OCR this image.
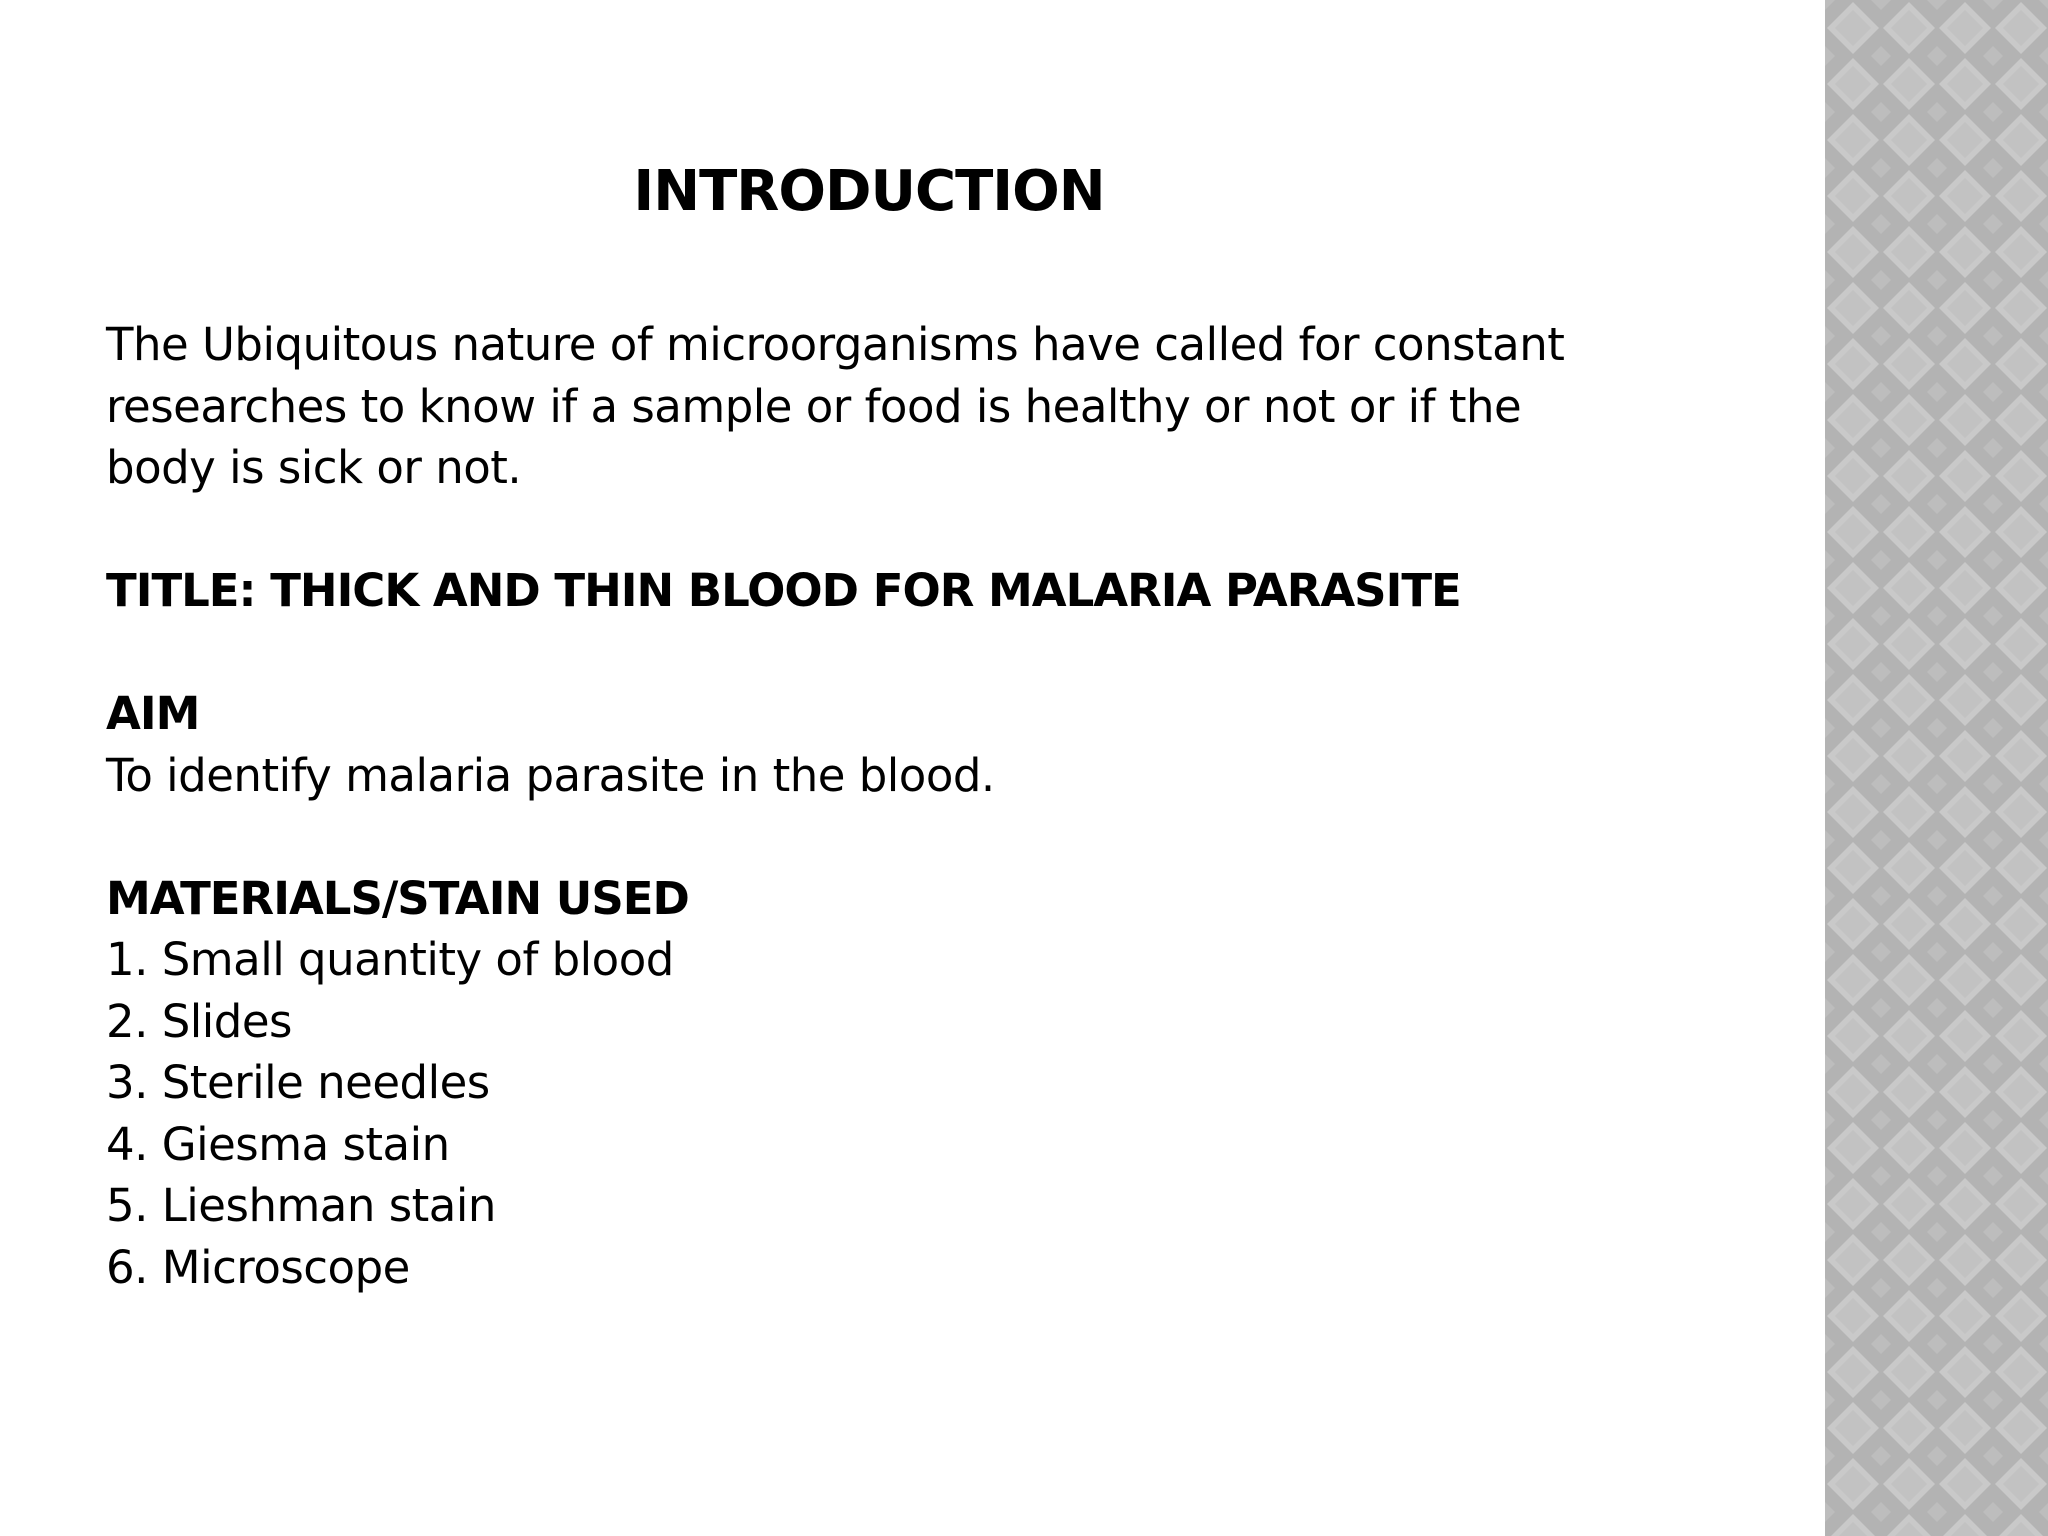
INTRODUCTION
The Ubiquitous nature of microorganisms have called for constant
researches to know if a sample or food is healthy or not or if the
body is sick or not.
TITLE: THICK AND THIN BLOOD FOR MALARIA PARASITE
AIM
To identify malaria parasite in the blood.
MATERIALS/STAIN USED
1. Small quantity of blood
2. Slides
3. Sterile needles
4. Giesma stain
5. Lieshman stain
6. Microscope
